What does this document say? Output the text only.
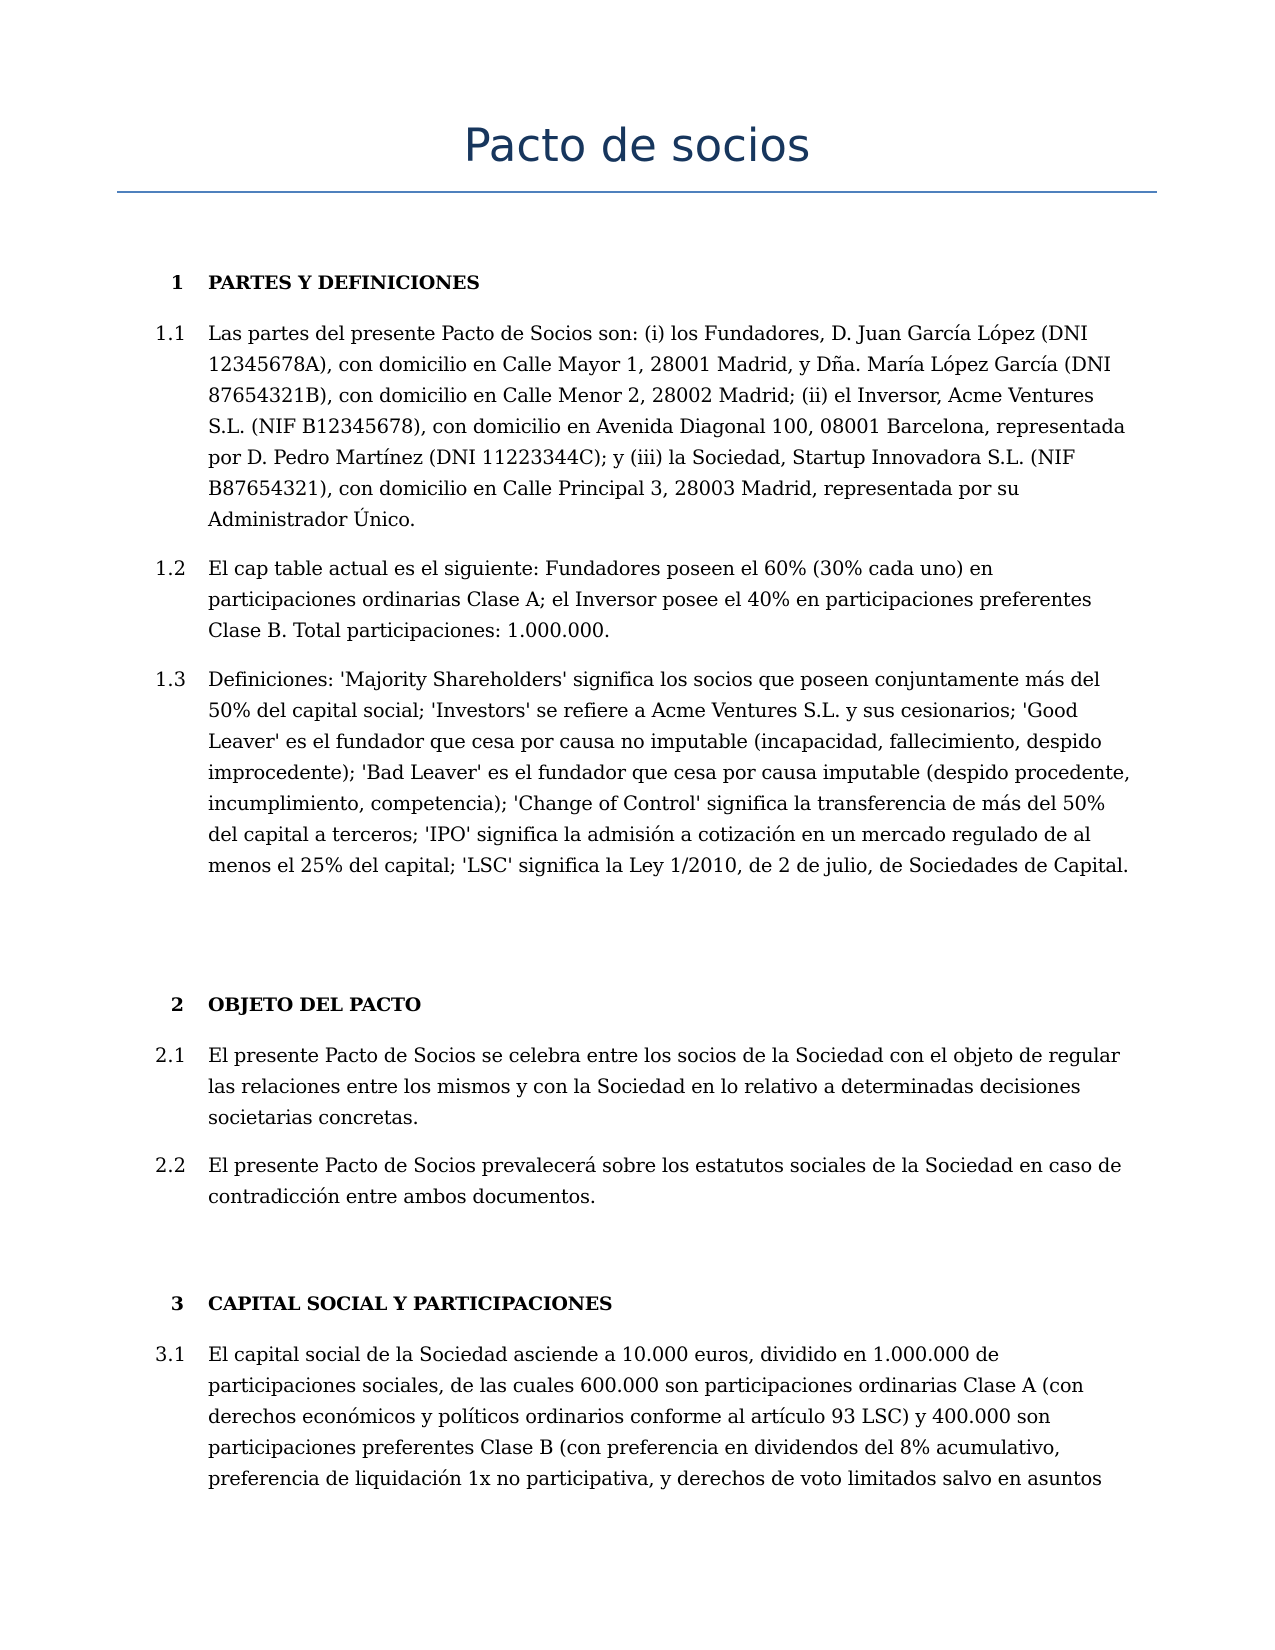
Pacto de socios
1 PARTES Y DEFINICIONES
1.1 Las partes del presente Pacto de Socios son: (i) los Fundadores, D. Juan García López (DNI 12345678A), con domicilio en Calle Mayor 1, 28001 Madrid, y Dña. María López García (DNI 87654321B), con domicilio en Calle Menor 2, 28002 Madrid; (ii) el Inversor, Acme Ventures S.L. (NIF B12345678), con domicilio en Avenida Diagonal 100, 08001 Barcelona, representada por D. Pedro Martínez (DNI 11223344C); y (iii) la Sociedad, Startup Innovadora S.L. (NIF B87654321), con domicilio en Calle Principal 3, 28003 Madrid, representada por su Administrador Único.
1.2 El cap table actual es el siguiente: Fundadores poseen el 60% (30% cada uno) en participaciones ordinarias Clase A; el Inversor posee el 40% en participaciones preferentes Clase B. Total participaciones: 1.000.000.
1.3 Definiciones: 'Majority Shareholders' significa los socios que poseen conjuntamente más del 50% del capital social; 'Investors' se refiere a Acme Ventures S.L. y sus cesionarios; 'Good Leaver' es el fundador que cesa por causa no imputable (incapacidad, fallecimiento, despido improcedente); 'Bad Leaver' es el fundador que cesa por causa imputable (despido procedente, incumplimiento, competencia); 'Change of Control' significa la transferencia de más del 50% del capital a terceros; 'IPO' significa la admisión a cotización en un mercado regulado de al menos el 25% del capital; 'LSC' significa la Ley 1/2010, de 2 de julio, de Sociedades de Capital.
2 OBJETO DEL PACTO
2.1 El presente Pacto de Socios se celebra entre los socios de la Sociedad con el objeto de regular las relaciones entre los mismos y con la Sociedad en lo relativo a determinadas decisiones societarias concretas.
2.2 El presente Pacto de Socios prevalecerá sobre los estatutos sociales de la Sociedad en caso de contradicción entre ambos documentos.
3 CAPITAL SOCIAL Y PARTICIPACIONES
3.1 El capital social de la Sociedad asciende a 10.000 euros, dividido en 1.000.000 de participaciones sociales, de las cuales 600.000 son participaciones ordinarias Clase A (con derechos económicos y políticos ordinarios conforme al artículo 93 LSC) y 400.000 son participaciones preferentes Clase B (con preferencia en dividendos del 8% acumulativo, preferencia de liquidación 1x no participativa, y derechos de voto limitados salvo en asuntos
